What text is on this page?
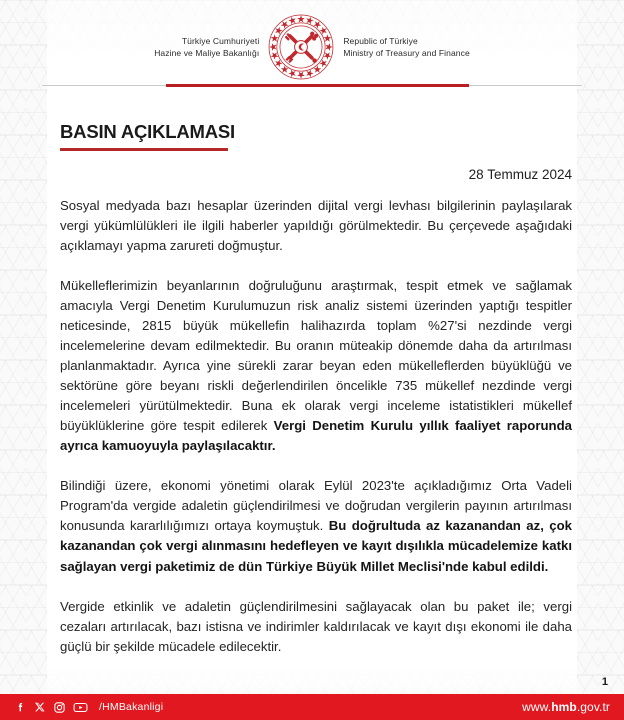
Türkiye Cumhuriyeti
Hazine ve Maliye Bakanlığı
Republic of Türkiye
Ministry of Treasury and Finance
BASIN AÇIKLAMASI
28 Temmuz 2024

Sosyal medyada bazı hesaplar üzerinden dijital vergi levhası bilgilerinin paylaşılarak vergi yükümlülükleri ile ilgili haberler yapıldığı görülmektedir. Bu çerçevede aşağıdaki açıklamayı yapma zarureti doğmuştur.

Mükelleflerimizin beyanlarının doğruluğunu araştırmak, tespit etmek ve sağlamak amacıyla Vergi Denetim Kurulumuzun risk analiz sistemi üzerinden yaptığı tespitler neticesinde, 2815 büyük mükellefin halihazırda toplam %27'si nezdinde vergi incelemelerine devam edilmektedir. Bu oranın müteakip dönemde daha da artırılması planlanmaktadır. Ayrıca yine sürekli zarar beyan eden mükelleflerden büyüklüğü ve sektörüne göre beyanı riskli değerlendirilen öncelikle 735 mükellef nezdinde vergi incelemeleri yürütülmektedir. Buna ek olarak vergi inceleme istatistikleri mükellef büyüklüklerine göre tespit edilerek Vergi Denetim Kurulu yıllık faaliyet raporunda ayrıca kamuoyuyla paylaşılacaktır.

Bilindiği üzere, ekonomi yönetimi olarak Eylül 2023'te açıkladığımız Orta Vadeli Program'da vergide adaletin güçlendirilmesi ve doğrudan vergilerin payının artırılması konusunda kararlılığımızı ortaya koymuştuk. Bu doğrultuda az kazanandan az, çok kazanandan çok vergi alınmasını hedefleyen ve kayıt dışılıkla mücadelemize katkı sağlayan vergi paketimiz de dün Türkiye Büyük Millet Meclisi'nde kabul edildi.

Vergide etkinlik ve adaletin güçlendirilmesini sağlayacak olan bu paket ile; vergi cezaları artırılacak, bazı istisna ve indirimler kaldırılacak ve kayıt dışı ekonomi ile daha güçlü bir şekilde mücadele edilecektir.

1
/HMBakanligi	www.hmb.gov.tr
